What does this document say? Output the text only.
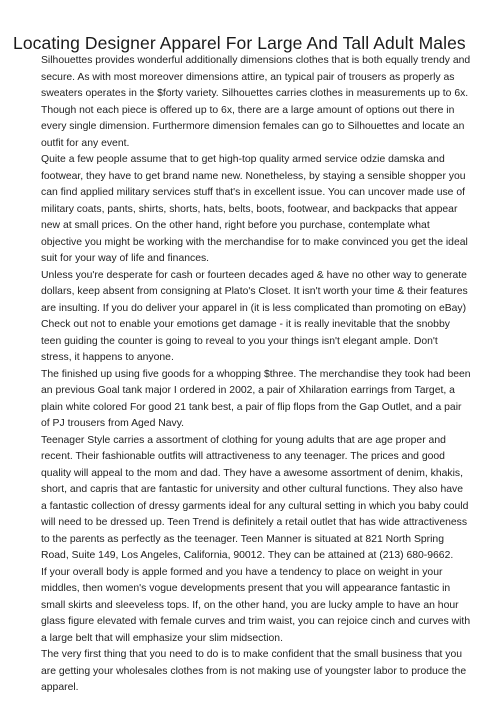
Locating Designer Apparel For Large And Tall Adult Males

Silhouettes provides wonderful additionally dimensions clothes that is both equally trendy and secure. As with most moreover dimensions attire, an typical pair of trousers as properly as sweaters operates in the $forty variety. Silhouettes carries clothes in measurements up to 6x. Though not each piece is offered up to 6x, there are a large amount of options out there in every single dimension. Furthermore dimension females can go to Silhouettes and locate an outfit for any event.

Quite a few people assume that to get high-top quality armed service odzie damska and footwear, they have to get brand name new. Nonetheless, by staying a sensible shopper you can find applied military services stuff that's in excellent issue. You can uncover made use of military coats, pants, shirts, shorts, hats, belts, boots, footwear, and backpacks that appear new at small prices. On the other hand, right before you purchase, contemplate what objective you might be working with the merchandise for to make convinced you get the ideal suit for your way of life and finances.

Unless you're desperate for cash or fourteen decades aged & have no other way to generate dollars, keep absent from consigning at Plato's Closet. It isn't worth your time & their features are insulting. If you do deliver your apparel in (it is less complicated than promoting on eBay) Check out not to enable your emotions get damage - it is really inevitable that the snobby teen guiding the counter is going to reveal to you your things isn't elegant ample. Don't stress, it happens to anyone.

The finished up using five goods for a whopping $three. The merchandise they took had been an previous Goal tank major I ordered in 2002, a pair of Xhilaration earrings from Target, a plain white colored For good 21 tank best, a pair of flip flops from the Gap Outlet, and a pair of PJ trousers from Aged Navy.

Teenager Style carries a assortment of clothing for young adults that are age proper and recent. Their fashionable outfits will attractiveness to any teenager. The prices and good quality will appeal to the mom and dad. They have a awesome assortment of denim, khakis, short, and capris that are fantastic for university and other cultural functions. They also have a fantastic collection of dressy garments ideal for any cultural setting in which you baby could will need to be dressed up. Teen Trend is definitely a retail outlet that has wide attractiveness to the parents as perfectly as the teenager. Teen Manner is situated at 821 North Spring Road, Suite 149, Los Angeles, California, 90012. They can be attained at (213) 680-9662.

If your overall body is apple formed and you have a tendency to place on weight in your middles, then women's vogue developments present that you will appearance fantastic in small skirts and sleeveless tops. If, on the other hand, you are lucky ample to have an hour glass figure elevated with female curves and trim waist, you can rejoice cinch and curves with a large belt that will emphasize your slim midsection.

The very first thing that you need to do is to make confident that the small business that you are getting your wholesales clothes from is not making use of youngster labor to produce the apparel.
